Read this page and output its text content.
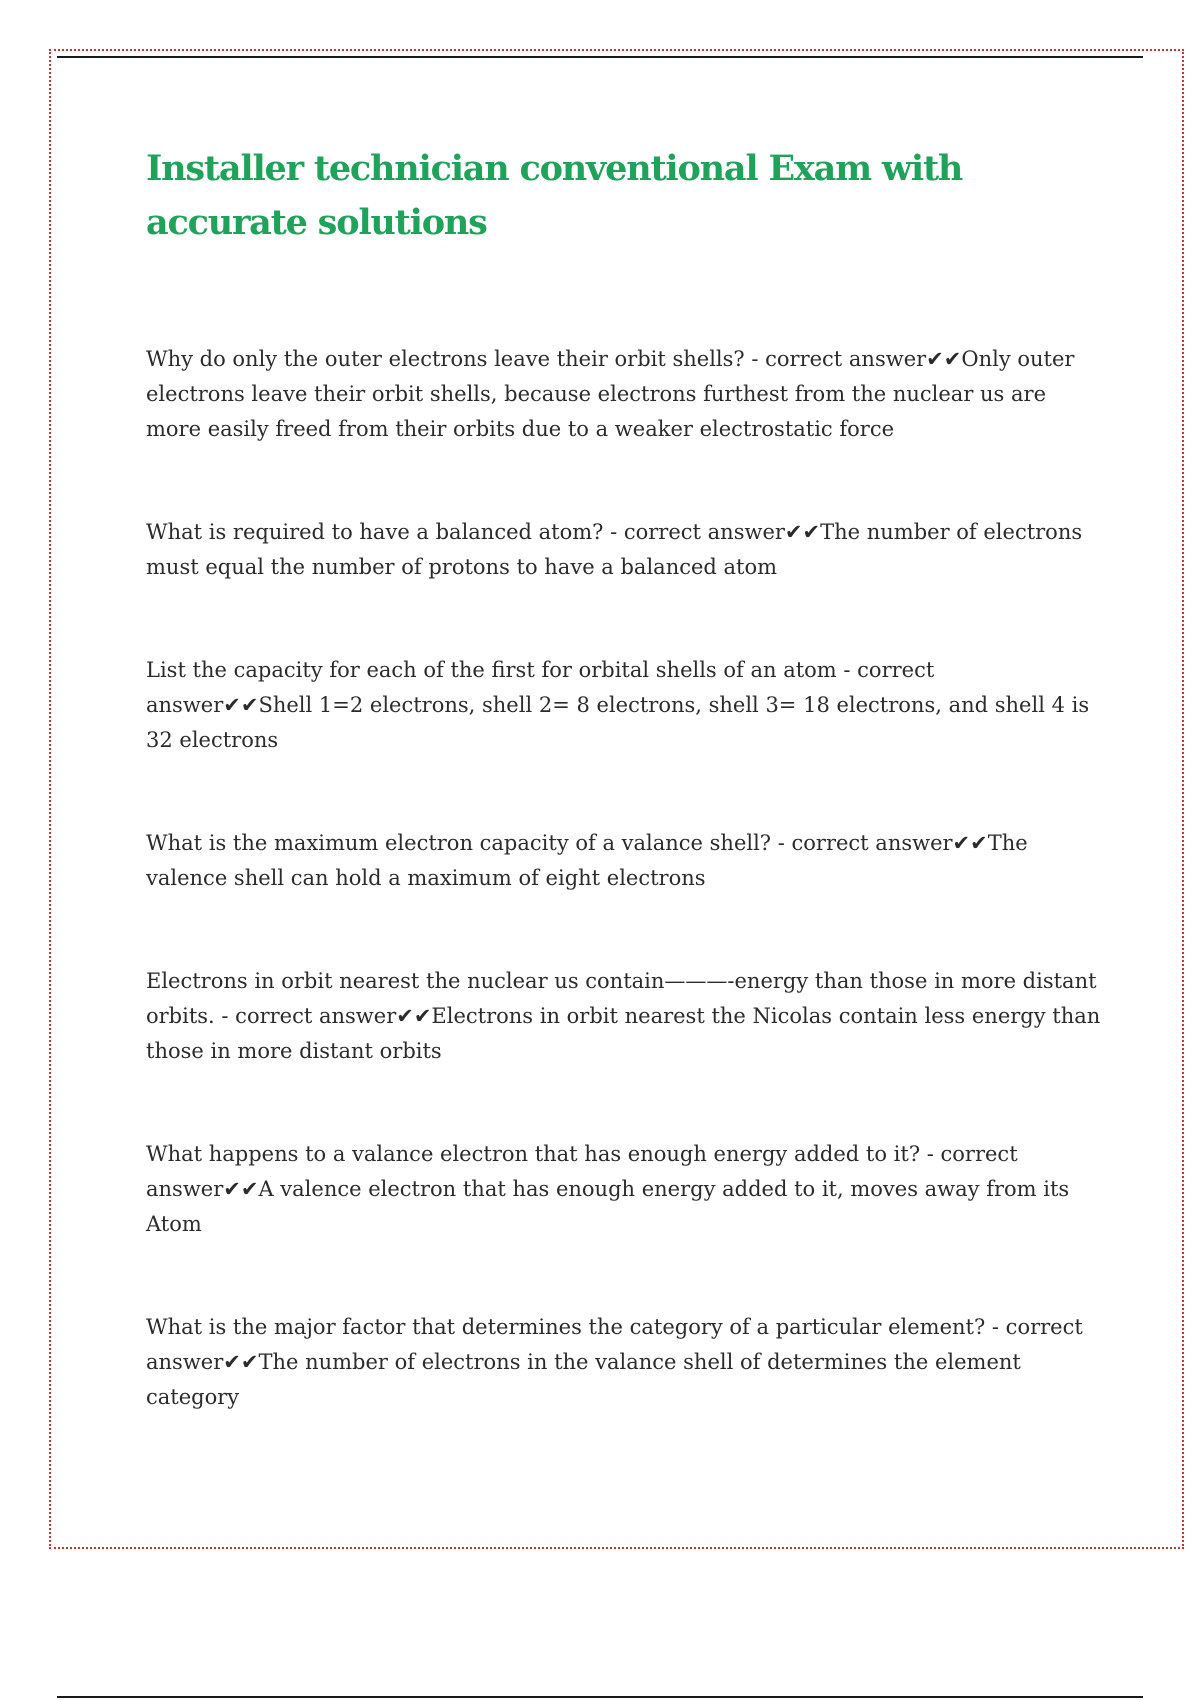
Installer technician conventional Exam with accurate solutions

Why do only the outer electrons leave their orbit shells? - correct answer✔✔Only outer electrons leave their orbit shells, because electrons furthest from the nuclear us are more easily freed from their orbits due to a weaker electrostatic force

What is required to have a balanced atom? - correct answer✔✔The number of electrons must equal the number of protons to have a balanced atom

List the capacity for each of the first for orbital shells of an atom - correct answer✔✔Shell 1=2 electrons, shell 2= 8 electrons, shell 3= 18 electrons, and shell 4 is 32 electrons

What is the maximum electron capacity of a valance shell? - correct answer✔✔The valence shell can hold a maximum of eight electrons

Electrons in orbit nearest the nuclear us contain———-energy than those in more distant orbits. - correct answer✔✔Electrons in orbit nearest the Nicolas contain less energy than those in more distant orbits

What happens to a valance electron that has enough energy added to it? - correct answer✔✔A valence electron that has enough energy added to it, moves away from its Atom

What is the major factor that determines the category of a particular element? - correct answer✔✔The number of electrons in the valance shell of determines the element category
